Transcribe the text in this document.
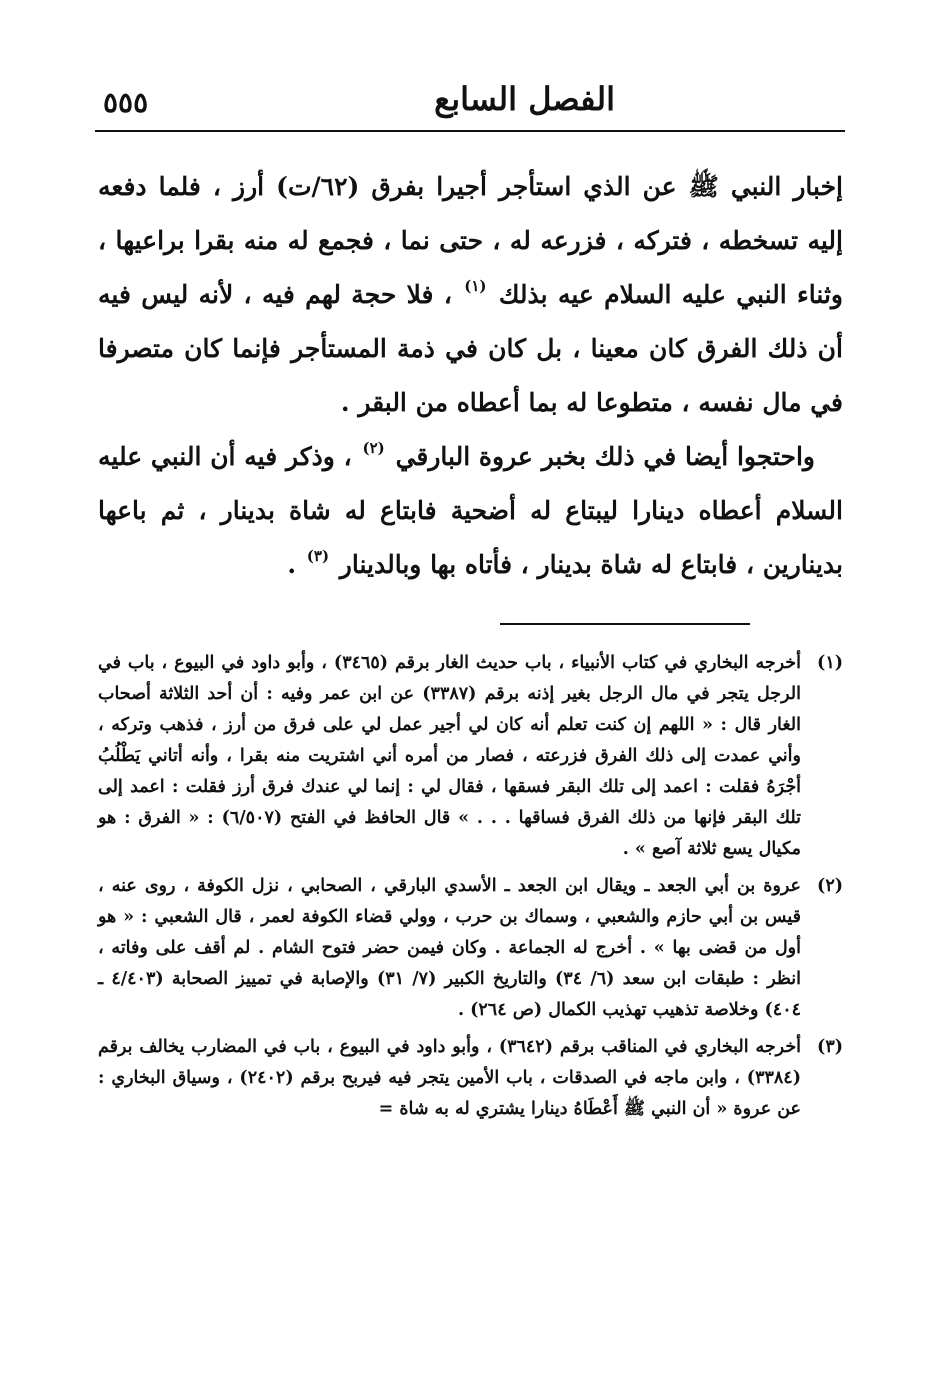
الفصل السابع
٥٥٥

إخبار النبي ﷺ عن الذي استأجر أجيرا بفرق (٦٢/ت) أرز ، فلما دفعه إليه تسخطه ، فتركه ، فزرعه له ، حتى نما ، فجمع له منه بقرا براعيها ، وثناء النبي عليه السلام عيه بذلك $^{(١)}$ ، فلا حجة لهم فيه ، لأنه ليس فيه أن ذلك الفرق كان معينا ، بل كان في ذمة المستأجر فإنما كان متصرفا في مال نفسه ، متطوعا له بما أعطاه من البقر .

واحتجوا أيضا في ذلك بخبر عروة البارقي $^{(٢)}$ ، وذكر فيه أن النبي عليه السلام أعطاه دينارا ليبتاع له أضحية فابتاع له شاة بدينار ، ثم باعها بدينارين ، فابتاع له شاة بدينار ، فأتاه بها وبالدينار $^{(٣)}$ .

(١)
أخرجه البخاري في كتاب الأنبياء ، باب حديث الغار برقم (٣٤٦٥) ، وأبو داود في البيوع ، باب في الرجل يتجر في مال الرجل بغير إذنه برقم (٣٣٨٧) عن ابن عمر وفيه : أن أحد الثلاثة أصحاب الغار قال : « اللهم إن كنت تعلم أنه كان لي أجير عمل لي على فرق من أرز ، فذهب وتركه ، وأني عمدت إلى ذلك الفرق فزرعته ، فصار من أمره أني اشتريت منه بقرا ، وأنه أتاني يَطْلُبُ أجْرَهُ فقلت : اعمد إلى تلك البقر فسقها ، فقال لي : إنما لي عندك فرق أرز فقلت : اعمد إلى تلك البقر فإنها من ذلك الفرق فساقها . . . » قال الحافظ في الفتح (٦/٥٠٧) : « الفرق : هو مكيال يسع ثلاثة آصع » .
(٢)
عروة بن أبي الجعد ـ ويقال ابن الجعد ـ الأسدي البارقي ، الصحابي ، نزل الكوفة ، روى عنه ، قيس بن أبي حازم والشعبي ، وسماك بن حرب ، وولي قضاء الكوفة لعمر ، قال الشعبي : « هو أول من قضى بها » . أخرج له الجماعة . وكان فيمن حضر فتوح الشام . لم أقف على وفاته ، انظر : طبقات ابن سعد (٦/ ٣٤) والتاريخ الكبير (٧/ ٣١) والإصابة في تمييز الصحابة (٤/٤٠٣ ـ ٤٠٤) وخلاصة تذهيب تهذيب الكمال (ص ٢٦٤) .
(٣)
أخرجه البخاري في المناقب برقم (٣٦٤٢) ، وأبو داود في البيوع ، باب في المضارب يخالف برقم (٣٣٨٤) ، وابن ماجه في الصدقات ، باب الأمين يتجر فيه فيربح برقم (٢٤٠٢) ، وسياق البخاري : عن عروة « أن النبي ﷺ أَعْطَاهُ دينارا يشتري له به شاة =
